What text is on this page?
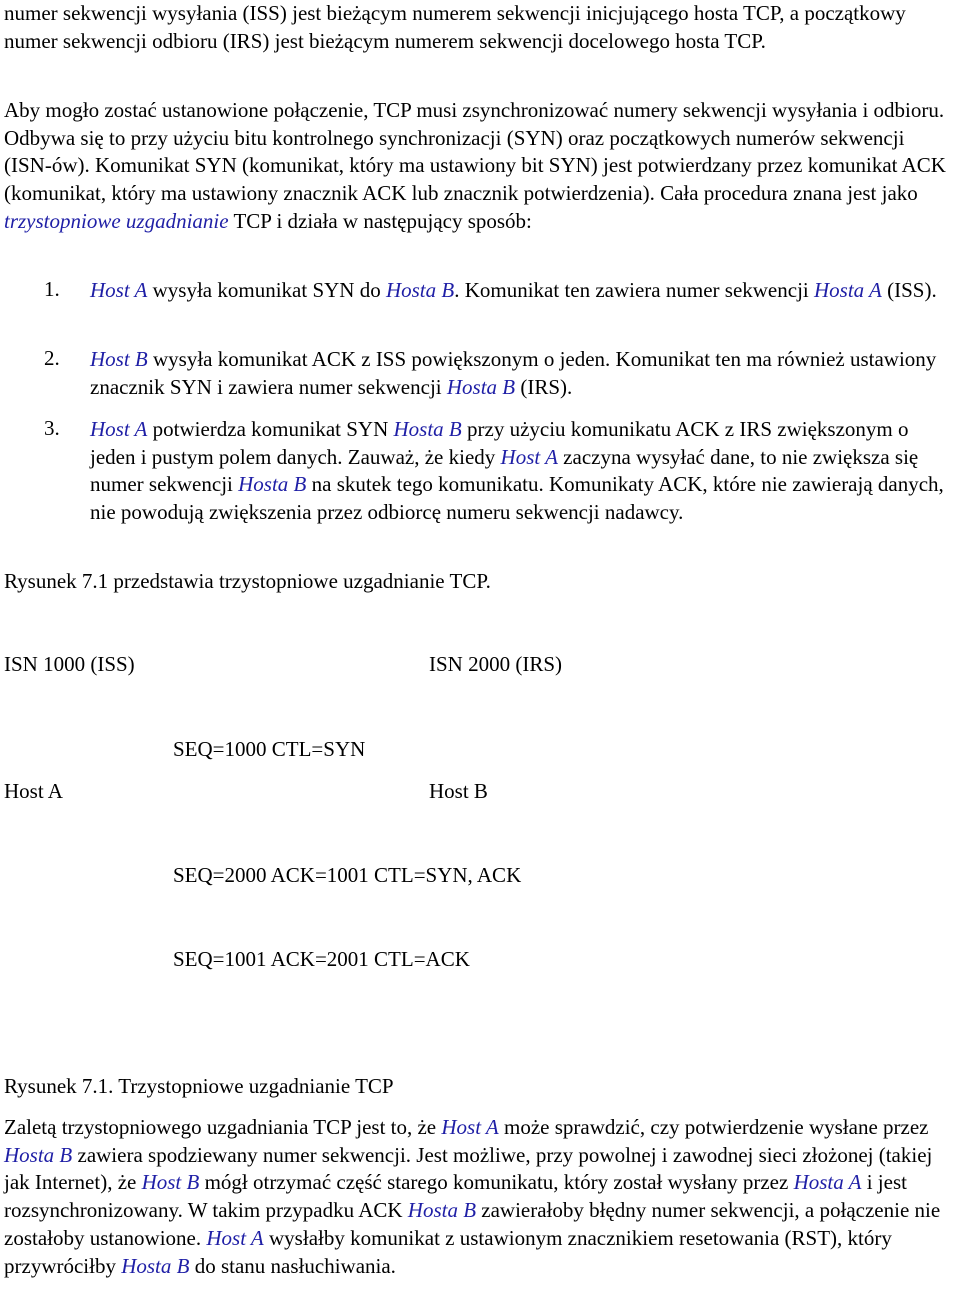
numer sekwencji wysyłania (ISS) jest bieżącym numerem sekwencji inicjującego hosta TCP, a początkowy numer sekwencji odbioru (IRS) jest bieżącym numerem sekwencji docelowego hosta TCP.

Aby mogło zostać ustanowione połączenie, TCP musi zsynchronizować numery sekwencji wysyłania i odbioru. Odbywa się to przy użyciu bitu kontrolnego synchronizacji (SYN) oraz początkowych numerów sekwencji (ISN-ów). Komunikat SYN (komunikat, który ma ustawiony bit SYN) jest potwierdzany przez komunikat ACK (komunikat, który ma ustawiony znacznik ACK lub znacznik potwierdzenia). Cała procedura znana jest jako trzystopniowe uzgadnianie TCP i działa w następujący sposób:

1. Host A wysyła komunikat SYN do Hosta B. Komunikat ten zawiera numer sekwencji Hosta A (ISS).

2. Host B wysyła komunikat ACK z ISS powiększonym o jeden. Komunikat ten ma również ustawiony znacznik SYN i zawiera numer sekwencji Hosta B (IRS).

3. Host A potwierdza komunikat SYN Hosta B przy użyciu komunikatu ACK z IRS zwiększonym o jeden i pustym polem danych. Zauważ, że kiedy Host A zaczyna wysyłać dane, to nie zwiększa się numer sekwencji Hosta B na skutek tego komunikatu. Komunikaty ACK, które nie zawierają danych, nie powodują zwiększenia przez odbiorcę numeru sekwencji nadawcy.

Rysunek 7.1 przedstawia trzystopniowe uzgadnianie TCP.

ISN 1000 (ISS)	ISN 2000 (IRS)
SEQ=1000 CTL=SYN
Host A	Host B
SEQ=2000 ACK=1001 CTL=SYN, ACK
SEQ=1001 ACK=2001 CTL=ACK

Rysunek 7.1. Trzystopniowe uzgadnianie TCP

Zaletą trzystopniowego uzgadniania TCP jest to, że Host A może sprawdzić, czy potwierdzenie wysłane przez Hosta B zawiera spodziewany numer sekwencji. Jest możliwe, przy powolnej i zawodnej sieci złożonej (takiej jak Internet), że Host B mógł otrzymać część starego komunikatu, który został wysłany przez Hosta A i jest rozsynchronizowany. W takim przypadku ACK Hosta B zawierałoby błędny numer sekwencji, a połączenie nie zostałoby ustanowione. Host A wysłałby komunikat z ustawionym znacznikiem resetowania (RST), który przywróciłby Hosta B do stanu nasłuchiwania.
